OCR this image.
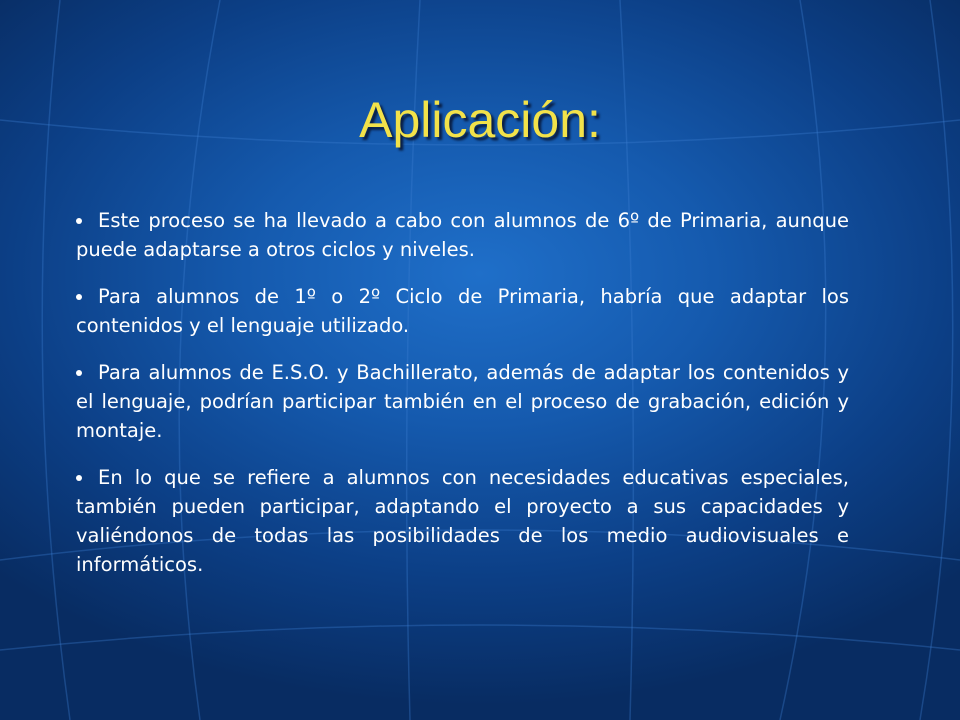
Aplicación:
Este proceso se ha llevado a cabo con alumnos de 6º de Primaria, aunque puede adaptarse a otros ciclos y niveles.
Para alumnos de 1º o 2º Ciclo de Primaria, habría que adaptar los contenidos y el lenguaje utilizado.
Para alumnos de E.S.O. y Bachillerato, además de adaptar los contenidos y el lenguaje, podrían participar también en el proceso de grabación, edición y montaje.
En lo que se refiere a alumnos con necesidades educativas especiales, también pueden participar, adaptando el proyecto a sus capacidades y valiéndonos de todas las posibilidades de los medio audiovisuales e informáticos.
